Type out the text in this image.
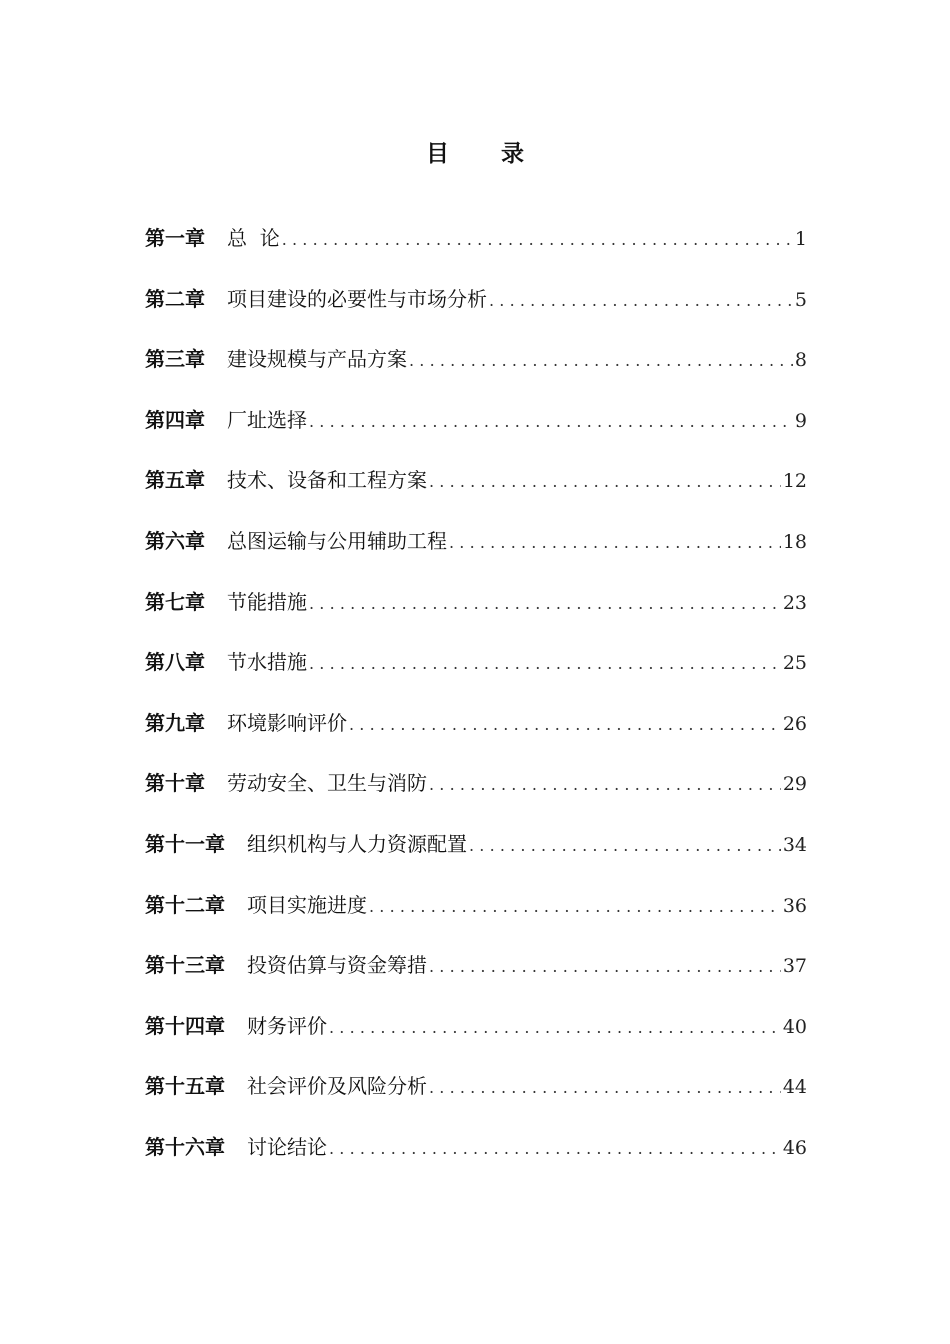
目 录
第一章	总  论 .....	1
第二章	项目建设的必要性与市场分析 .....	5
第三章	建设规模与产品方案 .....	8
第四章	厂址选择 .....	9
第五章	技术、设备和工程方案 .....	12
第六章	总图运输与公用辅助工程 .....	18
第七章	节能措施 .....	23
第八章	节水措施 .....	25
第九章	环境影响评价 .....	26
第十章	劳动安全、卫生与消防 .....	29
第十一章	组织机构与人力资源配置 .....	34
第十二章	项目实施进度 .....	36
第十三章	投资估算与资金筹措 .....	37
第十四章	财务评价 .....	40
第十五章	社会评价及风险分析 .....	44
第十六章	讨论结论 .....	46
